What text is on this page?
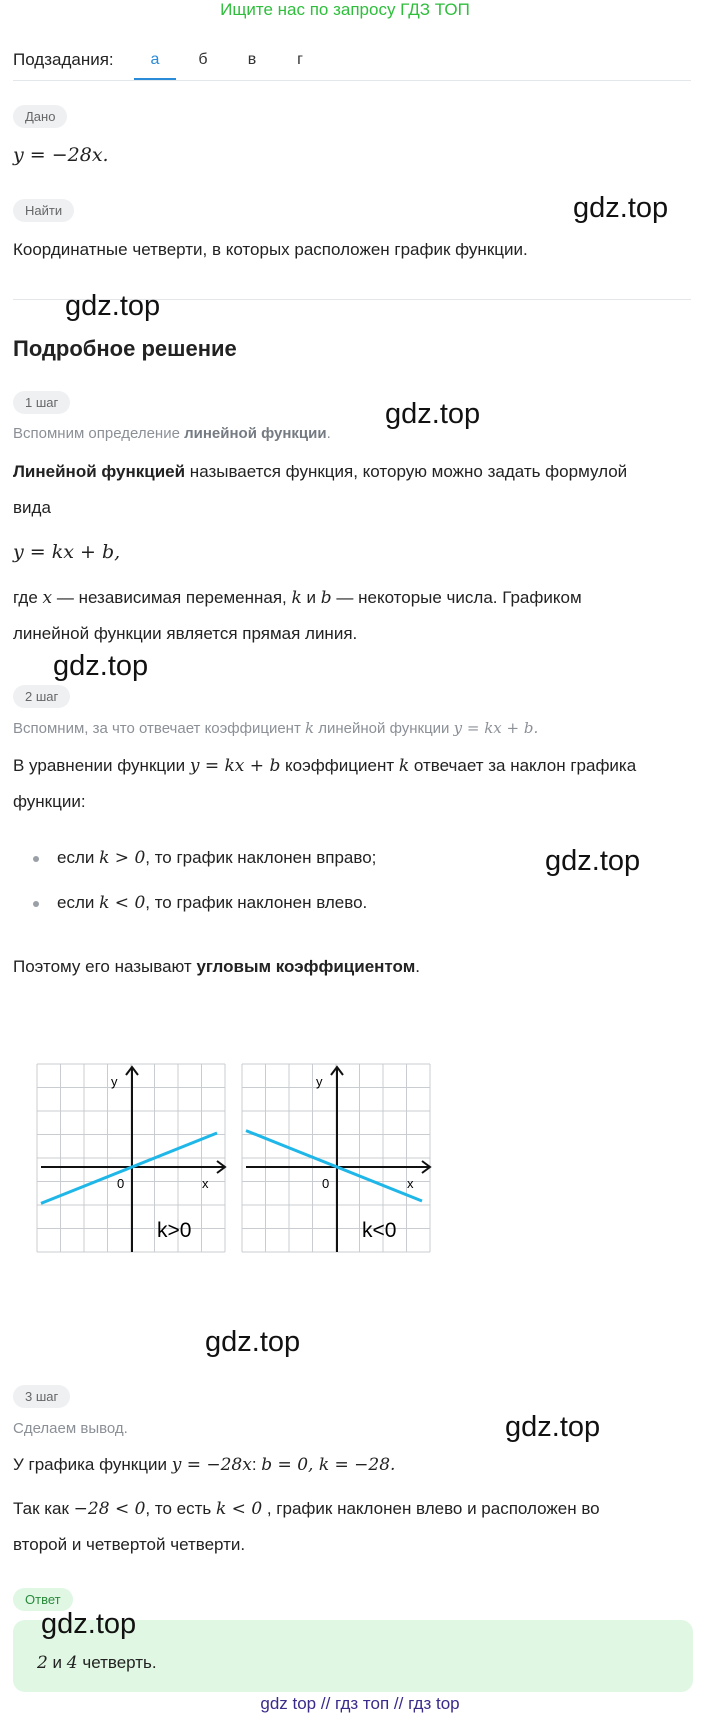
Ищите нас по запросу ГДЗ ТОП
Подзадания:	а	б	в	г
Дано
y = −28x.
Найти
Координатные четверти, в которых расположен график функции.
Подробное решение
1 шаг
Вспомним определение линейной функции.
Линейной функцией называется функция, которую можно задать формулой
вида
y = kx + b,
где x — независимая переменная, k и b — некоторые числа. Графиком
линейной функции является прямая линия.
2 шаг
Вспомним, за что отвечает коэффициент k линейной функции y = kx + b.
В уравнении функции y = kx + b коэффициент k отвечает за наклон графика
функции:
если k > 0, то график наклонен вправо;
если k < 0, то график наклонен влево.
Поэтому его называют угловым коэффициентом.
y
x
0
k>0
y
x
0
k<0
3 шаг
Сделаем вывод.
У графика функции y = −28x: b = 0, k = −28.
Так как −28 < 0, то есть k < 0 , график наклонен влево и расположен во
второй и четвертой четверти.
Ответ
2 и 4 четверть.
gdz.top
gdz.top
gdz.top
gdz.top
gdz.top
gdz.top
gdz.top
gdz.top
gdz top // гдз топ // гдз top
